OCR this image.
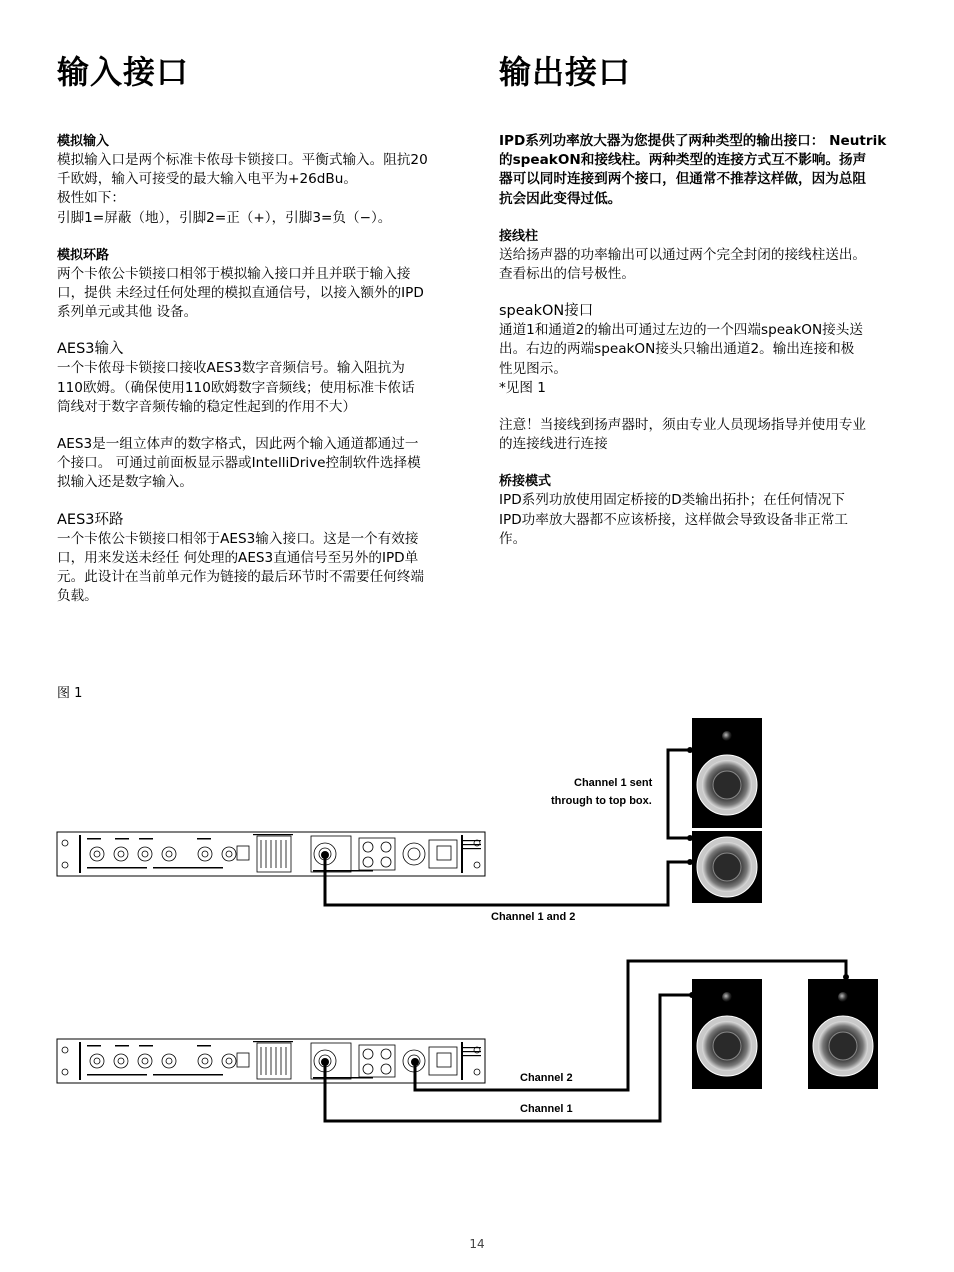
输入接口
模拟输入
模拟输入口是两个标准卡侬母卡锁接口。平衡式输入。阻抗20
千欧姆，输入可接受的最大输入电平为+26dBu。
极性如下：
引脚1=屏蔽（地），引脚2=正（+），引脚3=负（−）。
模拟环路
两个卡侬公卡锁接口相邻于模拟输入接口并且并联于输入接
口，提供 未经过任何处理的模拟直通信号，以接入额外的IPD
系列单元或其他 设备。
AES3输入
一个卡侬母卡锁接口接收AES3数字音频信号。输入阻抗为
110欧姆。（确保使用110欧姆数字音频线；使用标准卡侬话
筒线对于数字音频传输的稳定性起到的作用不大）
AES3是一组立体声的数字格式，因此两个输入通道都通过一
个接口。 可通过前面板显示器或IntelliDrive控制软件选择模
拟输入还是数字输入。
AES3环路
一个卡侬公卡锁接口相邻于AES3输入接口。这是一个有效接
口，用来发送未经任 何处理的AES3直通信号至另外的IPD单
元。此设计在当前单元作为链接的最后环节时不需要任何终端
负载。
输出接口
IPD系列功率放大器为您提供了两种类型的输出接口： Neutrik
的speakON和接线柱。两种类型的连接方式互不影响。扬声
器可以同时连接到两个接口，但通常不推荐这样做，因为总阻
抗会因此变得过低。
接线柱
送给扬声器的功率输出可以通过两个完全封闭的接线柱送出。
查看标出的信号极性。
speakON接口
通道1和通道2的输出可通过左边的一个四端speakON接头送
出。右边的两端speakON接头只输出通道2。输出连接和极
性见图示。
*见图 1
注意！当接线到扬声器时，须由专业人员现场指导并使用专业
的连接线进行连接
桥接模式
IPD系列功放使用固定桥接的D类输出拓扑；在任何情况下
IPD功率放大器都不应该桥接，这样做会导致设备非正常工
作。
图 1
Channel 1 sent
through to top box.
Channel 1 and 2
Channel 2
Channel 1
14
